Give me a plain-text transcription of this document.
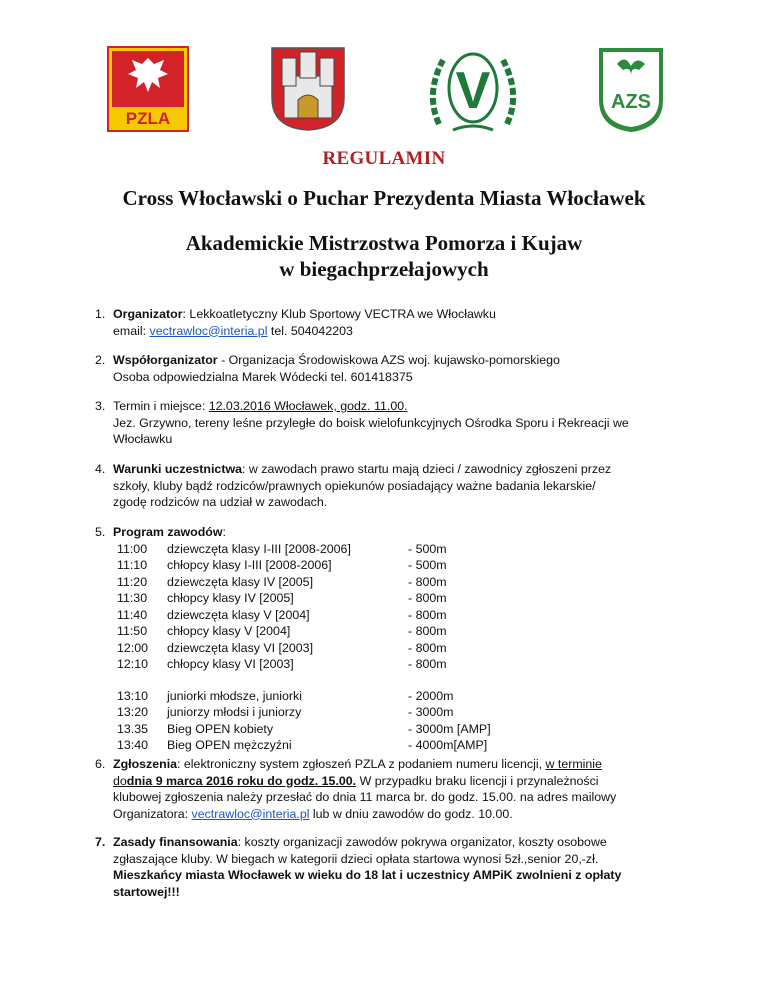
PZLA	V	AZS
REGULAMIN
Cross Włocławski o Puchar Prezydenta Miasta Włocławek
Akademickie Mistrzostwa Pomorza i Kujaw
w biegachprzełajowych
1. Organizator: Lekkoatletyczny Klub Sportowy VECTRA we Włocławku
email: vectrawloc@interia.pl tel. 504042203
2. Współorganizator - Organizacja Środowiskowa AZS woj. kujawsko-pomorskiego
Osoba odpowiedzialna Marek Wódecki tel. 601418375
3. Termin i miejsce: 12.03.2016 Włocławek, godz. 11.00.
Jez. Grzywno, tereny leśne przyległe do boisk wielofunkcyjnych Ośrodka Sporu i Rekreacji we
Włocławku
4. Warunki uczestnictwa: w zawodach prawo startu mają dzieci / zawodnicy zgłoszeni przez
szkoły, kluby bądź rodziców/prawnych opiekunów posiadający ważne badania lekarskie/
zgodę rodziców na udział w zawodach.
5. Program zawodów:
11:00 dziewczęta klasy I-III [2008-2006]	- 500m
11:10 chłopcy klasy I-III [2008-2006]	- 500m
11:20 dziewczęta klasy IV [2005]	- 800m
11:30 chłopcy klasy IV [2005]	- 800m
11:40 dziewczęta klasy V [2004]	- 800m
11:50 chłopcy klasy V [2004]	- 800m
12:00 dziewczęta klasy VI [2003]	- 800m
12:10 chłopcy klasy VI [2003]	- 800m
13:10 juniorki młodsze, juniorki	- 2000m
13:20 juniorzy młodsi i juniorzy	- 3000m
13.35 Bieg OPEN kobiety	- 3000m [AMP]
13:40 Bieg OPEN mężczyźni	- 4000m[AMP]
6. Zgłoszenia: elektroniczny system zgłoszeń PZLA z podaniem numeru licencji, w terminie
dodnia 9 marca 2016 roku do godz. 15.00. W przypadku braku licencji i przynależności
klubowej zgłoszenia należy przesłać do dnia 11 marca br. do godz. 15.00. na adres mailowy
Organizatora: vectrawloc@interia.pl lub w dniu zawodów do godz. 10.00.
7. Zasady finansowania: koszty organizacji zawodów pokrywa organizator, koszty osobowe
zgłaszające kluby. W biegach w kategorii dzieci opłata startowa wynosi 5zł.,senior 20,-zł.
Mieszkańcy miasta Włocławek w wieku do 18 lat i uczestnicy AMPiK zwolnieni z opłaty
startowej!!!
